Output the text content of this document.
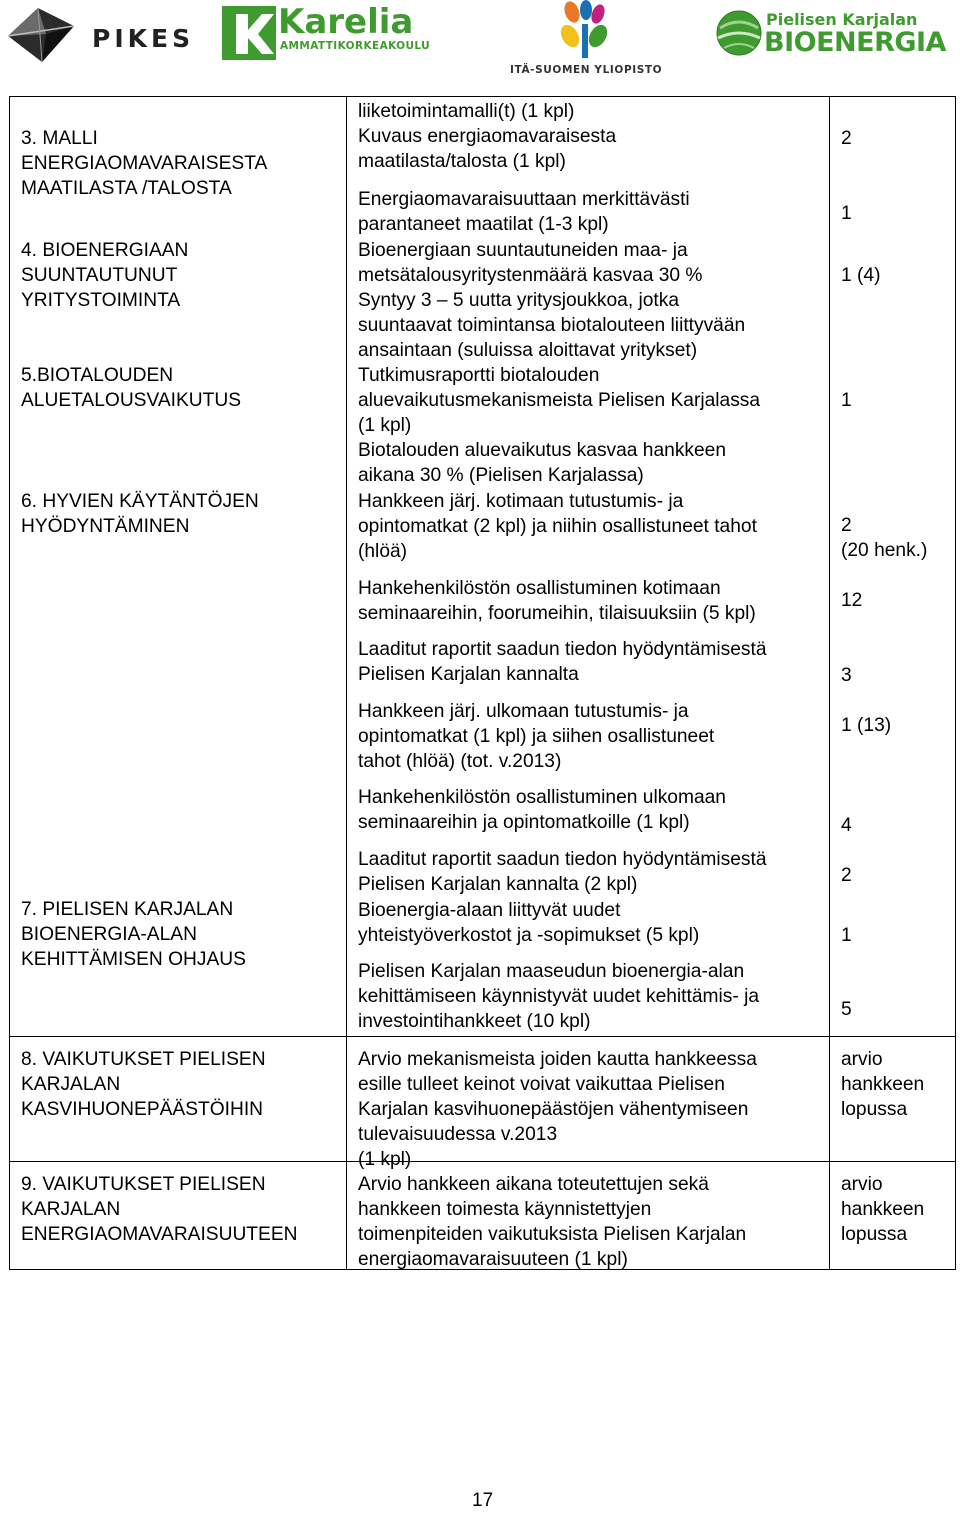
PIKES Karelia
AMMATTIKORKEAKOULU
ITÄ-SUOMEN YLIOPISTO
Pielisen Karjalan
BIOENERGIA
3. MALLI
ENERGIAOMAVARAISESTA
MAATILASTA /TALOSTA
4. BIOENERGIAAN
SUUNTAUTUNUT
YRITYSTOIMINTA
5.BIOTALOUDEN
ALUETALOUSVAIKUTUS
6. HYVIEN KÄYTÄNTÖJEN
HYÖDYNTÄMINEN
7. PIELISEN KARJALAN
BIOENERGIA-ALAN
KEHITTÄMISEN OHJAUS
8. VAIKUTUKSET PIELISEN
KARJALAN
KASVIHUONEPÄÄSTÖIHIN
9. VAIKUTUKSET PIELISEN
KARJALAN
ENERGIAOMAVARAISUUTEEN
liiketoimintamalli(t) (1 kpl)
Kuvaus energiaomavaraisesta
maatilasta/talosta (1 kpl)
Energiaomavaraisuuttaan merkittävästi
parantaneet maatilat (1-3 kpl)
Bioenergiaan suuntautuneiden maa- ja
metsätalousyritystenmäärä kasvaa 30 %
Syntyy 3 – 5 uutta yritysjoukkoa, jotka
suuntaavat toimintansa biotalouteen liittyvään
ansaintaan (suluissa aloittavat yritykset)
Tutkimusraportti biotalouden
aluevaikutusmekanismeista Pielisen Karjalassa
(1 kpl)
Biotalouden aluevaikutus kasvaa hankkeen
aikana 30 % (Pielisen Karjalassa)
Hankkeen järj. kotimaan tutustumis- ja
opintomatkat (2 kpl) ja niihin osallistuneet tahot
(hlöä)
Hankehenkilöstön osallistuminen kotimaan
seminaareihin, foorumeihin, tilaisuuksiin (5 kpl)
Laaditut raportit saadun tiedon hyödyntämisestä
Pielisen Karjalan kannalta
Hankkeen järj. ulkomaan tutustumis- ja
opintomatkat (1 kpl) ja siihen osallistuneet
tahot (hlöä) (tot. v.2013)
Hankehenkilöstön osallistuminen ulkomaan
seminaareihin ja opintomatkoille (1 kpl)
Laaditut raportit saadun tiedon hyödyntämisestä
Pielisen Karjalan kannalta (2 kpl)
Bioenergia-alaan liittyvät uudet
yhteistyöverkostot ja -sopimukset (5 kpl)
Pielisen Karjalan maaseudun bioenergia-alan
kehittämiseen käynnistyvät uudet kehittämis- ja
investointihankkeet (10 kpl)
Arvio mekanismeista joiden kautta hankkeessa
esille tulleet keinot voivat vaikuttaa Pielisen
Karjalan kasvihuonepäästöjen vähentymiseen
tulevaisuudessa v.2013
(1 kpl)
Arvio hankkeen aikana toteutettujen sekä
hankkeen toimesta käynnistettyjen
toimenpiteiden vaikutuksista Pielisen Karjalan
energiaomavaraisuuteen (1 kpl)
2
1
1 (4)
1
2
(20 henk.)
12
3
1 (13)
4
2
1
5
arvio
hankkeen
lopussa
arvio
hankkeen
lopussa
17
